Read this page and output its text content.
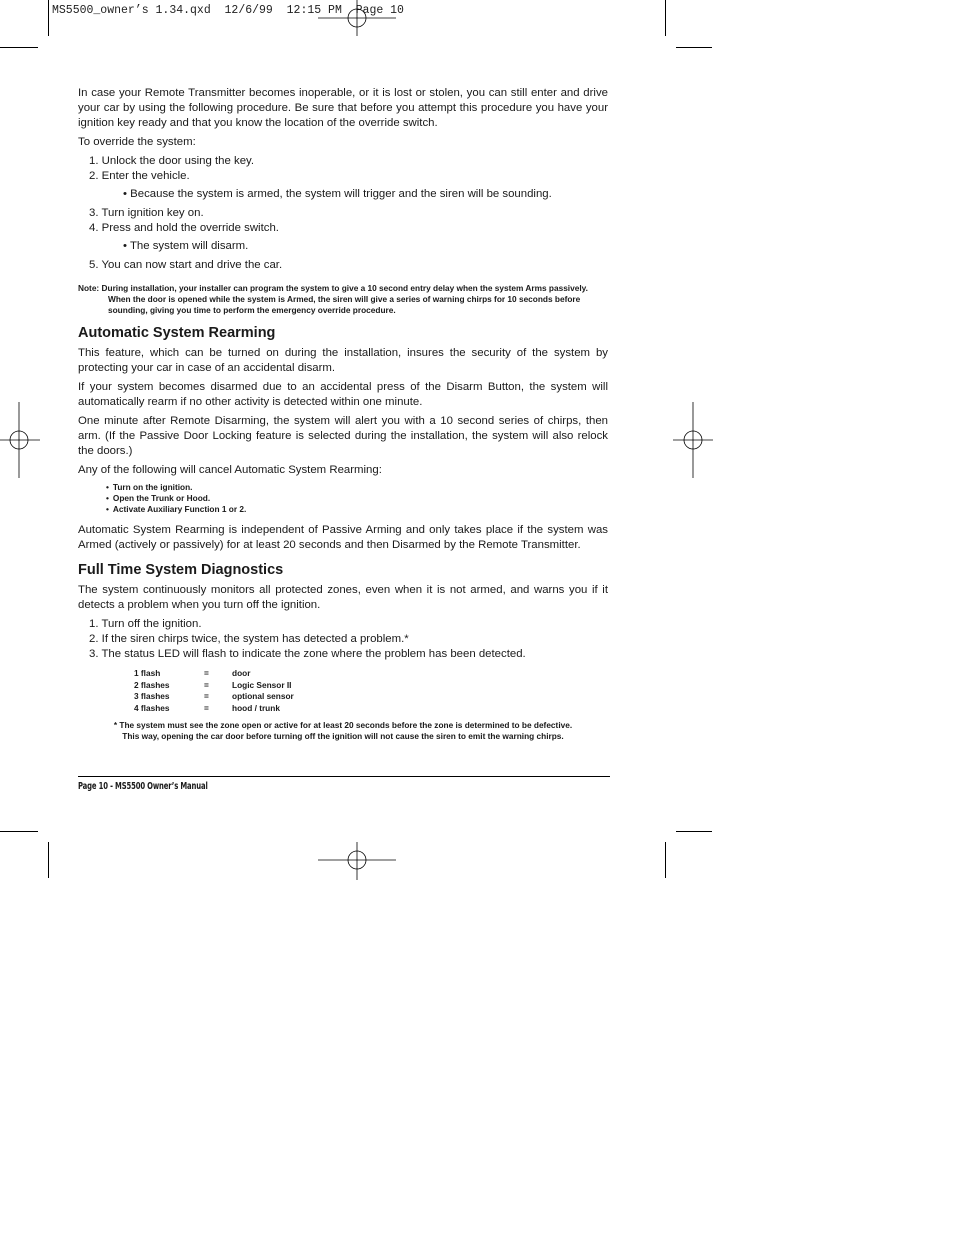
MS5500_owner’s 1.34.qxd  12/6/99  12:15 PM  Page 10

In case your Remote Transmitter becomes inoperable, or it is lost or stolen, you can still enter and drive your car by using the following procedure. Be sure that before you attempt this procedure you have your ignition key ready and that you know the location of the override switch.

To override the system:

1. Unlock the door using the key.
2. Enter the vehicle.
• Because the system is armed, the system will trigger and the siren will be sounding.
3. Turn ignition key on.
4. Press and hold the override switch.
• The system will disarm.
5. You can now start and drive the car.
Note: During installation, your installer can program the system to give a 10 second entry delay when the system Arms passively. When the door is opened while the system is Armed, the siren will give a series of warning chirps for 10 seconds before sounding, giving you time to perform the emergency override procedure.
Automatic System Rearming

This feature, which can be turned on during the installation, insures the security of the system by protecting your car in case of an accidental disarm.

If your system becomes disarmed due to an accidental press of the Disarm Button, the system will automatically rearm if no other activity is detected within one minute.

One minute after Remote Disarming, the system will alert you with a 10 second series of chirps, then arm. (If the Passive Door Locking feature is selected during the installation, the system will also relock the doors.)

Any of the following will cancel Automatic System Rearming:

• Turn on the ignition.
• Open the Trunk or Hood.
• Activate Auxiliary Function 1 or 2.

Automatic System Rearming is independent of Passive Arming and only takes place if the system was Armed (actively or passively) for at least 20 seconds and then Disarmed by the Remote Transmitter.

Full Time System Diagnostics

The system continuously monitors all protected zones, even when it is not armed, and warns you if it detects a problem when you turn off the ignition.

1. Turn off the ignition.
2. If the siren chirps twice, the system has detected a problem.*
3. The status LED will flash to indicate the zone where the problem has been detected.
1 flash	=	door
2 flashes	=	Logic Sensor II
3 flashes	=	optional sensor
4 flashes	=	hood / trunk
* The system must see the zone open or active for at least 20 seconds before the zone is determined to be defective.
This way, opening the car door before turning off the ignition will not cause the siren to emit the warning chirps.
Page 10 - MS5500 Owner’s Manual
